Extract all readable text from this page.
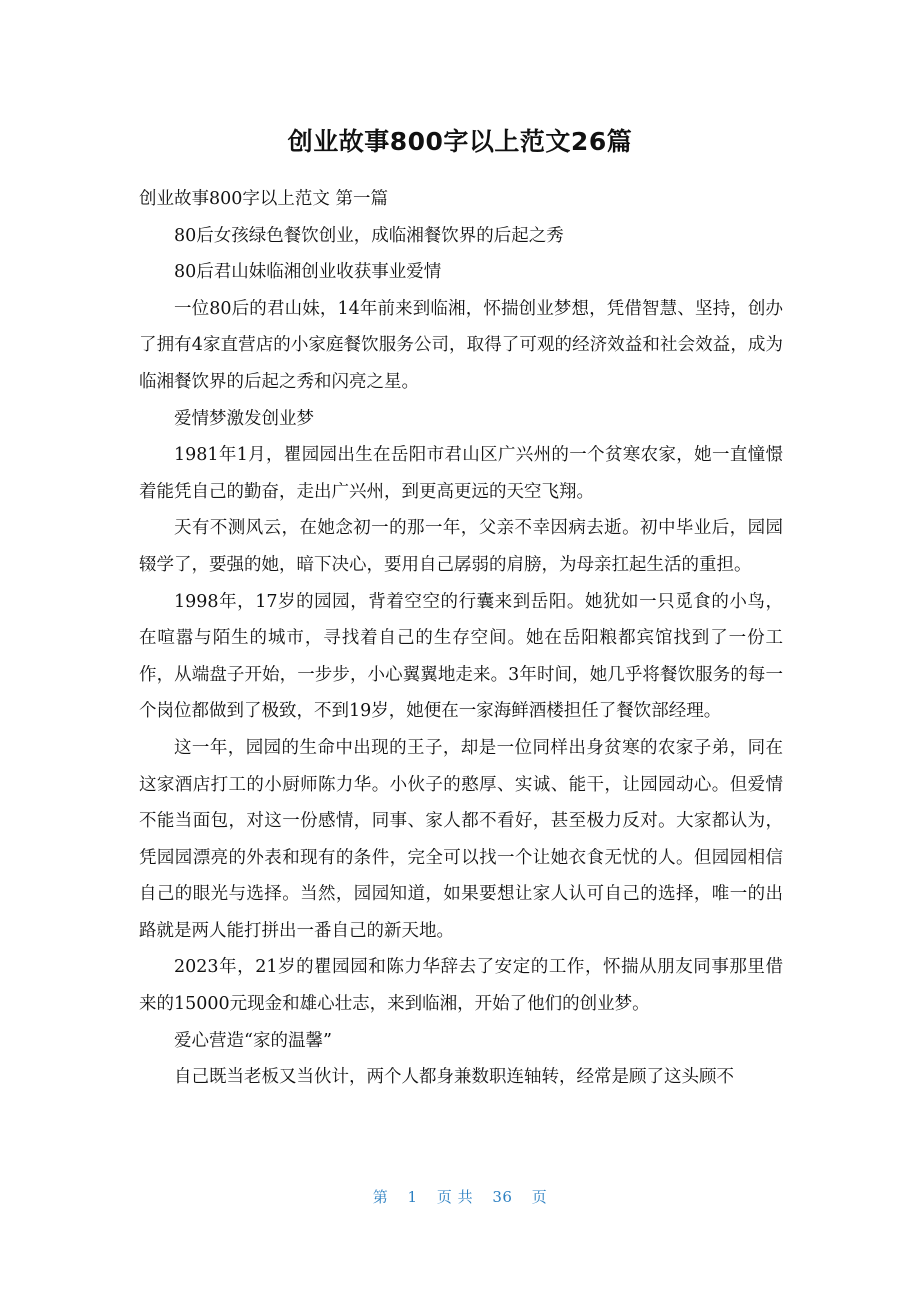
创业故事800字以上范文26篇

创业故事800字以上范文 第一篇

80后女孩绿色餐饮创业，成临湘餐饮界的后起之秀

80后君山妹临湘创业收获事业爱情

一位80后的君山妹，14年前来到临湘，怀揣创业梦想，凭借智慧、坚持，创办了拥有4家直营店的小家庭餐饮服务公司，取得了可观的经济效益和社会效益，成为临湘餐饮界的后起之秀和闪亮之星。

爱情梦激发创业梦

1981年1月，瞿园园出生在岳阳市君山区广兴州的一个贫寒农家，她一直憧憬着能凭自己的勤奋，走出广兴州，到更高更远的天空飞翔。

天有不测风云，在她念初一的那一年，父亲不幸因病去逝。初中毕业后，园园辍学了，要强的她，暗下决心，要用自己孱弱的肩膀，为母亲扛起生活的重担。

1998年，17岁的园园，背着空空的行囊来到岳阳。她犹如一只觅食的小鸟，在喧嚣与陌生的城市，寻找着自己的生存空间。她在岳阳粮都宾馆找到了一份工作，从端盘子开始，一步步，小心翼翼地走来。3年时间，她几乎将餐饮服务的每一个岗位都做到了极致，不到19岁，她便在一家海鲜酒楼担任了餐饮部经理。

这一年，园园的生命中出现的王子，却是一位同样出身贫寒的农家子弟，同在这家酒店打工的小厨师陈力华。小伙子的憨厚、实诚、能干，让园园动心。但爱情不能当面包，对这一份感情，同事、家人都不看好，甚至极力反对。大家都认为，凭园园漂亮的外表和现有的条件，完全可以找一个让她衣食无忧的人。但园园相信自己的眼光与选择。当然，园园知道，如果要想让家人认可自己的选择，唯一的出路就是两人能打拼出一番自己的新天地。

2023年，21岁的瞿园园和陈力华辞去了安定的工作，怀揣从朋友同事那里借来的15000元现金和雄心壮志，来到临湘，开始了他们的创业梦。

爱心营造“家的温馨”

自己既当老板又当伙计，两个人都身兼数职连轴转，经常是顾了这头顾不

第 1 页 共 36 页
